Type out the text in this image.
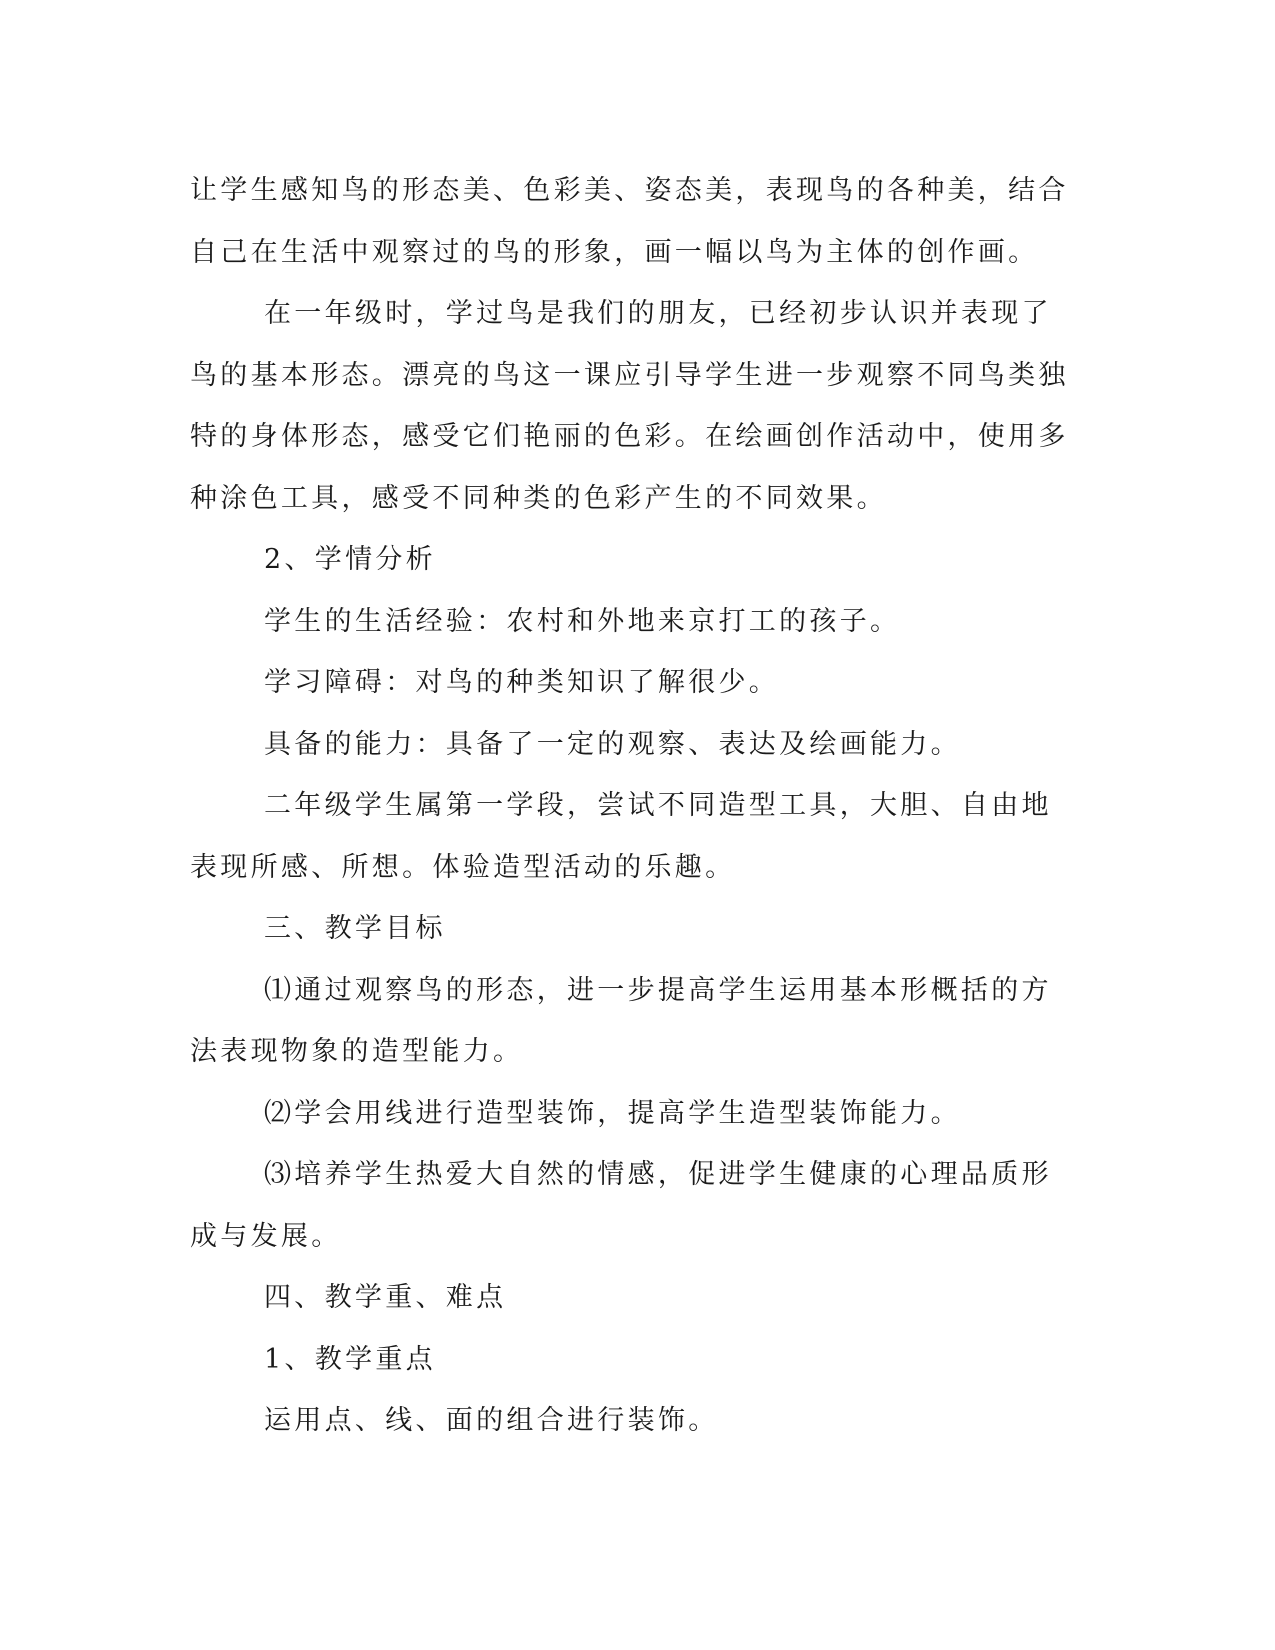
让学生感知鸟的形态美、色彩美、姿态美，表现鸟的各种美，结合自己在生活中观察过的鸟的形象，画一幅以鸟为主体的创作画。

在一年级时，学过鸟是我们的朋友，已经初步认识并表现了鸟的基本形态。漂亮的鸟这一课应引导学生进一步观察不同鸟类独特的身体形态，感受它们艳丽的色彩。在绘画创作活动中，使用多种涂色工具，感受不同种类的色彩产生的不同效果。

2、学情分析

学生的生活经验：农村和外地来京打工的孩子。

学习障碍：对鸟的种类知识了解很少。

具备的能力：具备了一定的观察、表达及绘画能力。

二年级学生属第一学段，尝试不同造型工具，大胆、自由地表现所感、所想。体验造型活动的乐趣。

三、教学目标

⑴通过观察鸟的形态，进一步提高学生运用基本形概括的方法表现物象的造型能力。

⑵学会用线进行造型装饰，提高学生造型装饰能力。

⑶培养学生热爱大自然的情感，促进学生健康的心理品质形成与发展。

四、教学重、难点

1、教学重点

运用点、线、面的组合进行装饰。
